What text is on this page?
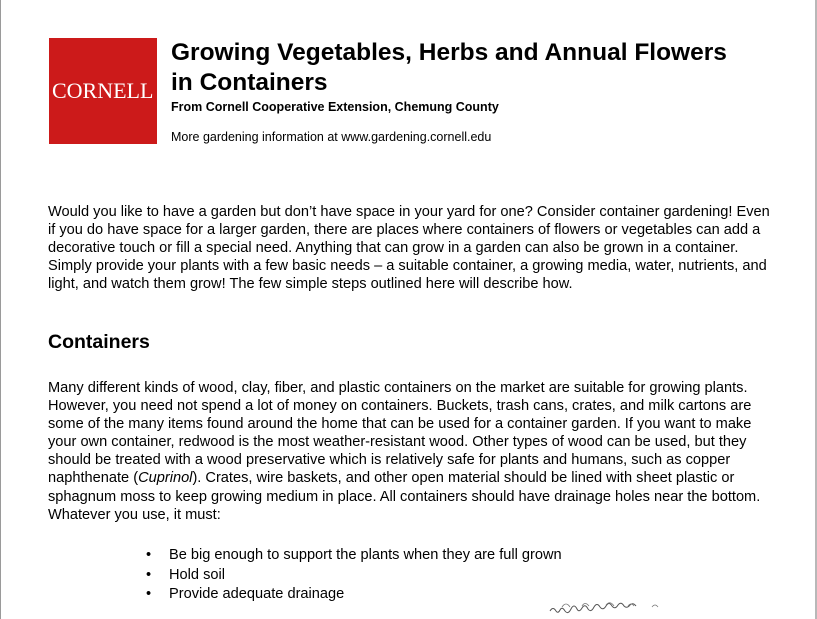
CORNELL
Growing Vegetables, Herbs and Annual Flowers in Containers

From Cornell Cooperative Extension, Chemung County

More gardening information at www.gardening.cornell.edu

Would you like to have a garden but don’t have space in your yard for one? Consider container gardening! Even if you do have space for a larger garden, there are places where containers of flowers or vegetables can add a decorative touch or fill a special need. Anything that can grow in a garden can also be grown in a container. Simply provide your plants with a few basic needs – a suitable container, a growing media, water, nutrients, and light, and watch them grow! The few simple steps outlined here will describe how.

Containers

Many different kinds of wood, clay, fiber, and plastic containers on the market are suitable for growing plants. However, you need not spend a lot of money on containers. Buckets, trash cans, crates, and milk cartons are some of the many items found around the home that can be used for a container garden. If you want to make your own container, redwood is the most weather-resistant wood. Other types of wood can be used, but they should be treated with a wood preservative which is relatively safe for plants and humans, such as copper naphthenate (Cuprinol). Crates, wire baskets, and other open material should be lined with sheet plastic or sphagnum moss to keep growing medium in place. All containers should have drainage holes near the bottom. Whatever you use, it must:

• Be big enough to support the plants when they are full grown
• Hold soil
• Provide adequate drainage
